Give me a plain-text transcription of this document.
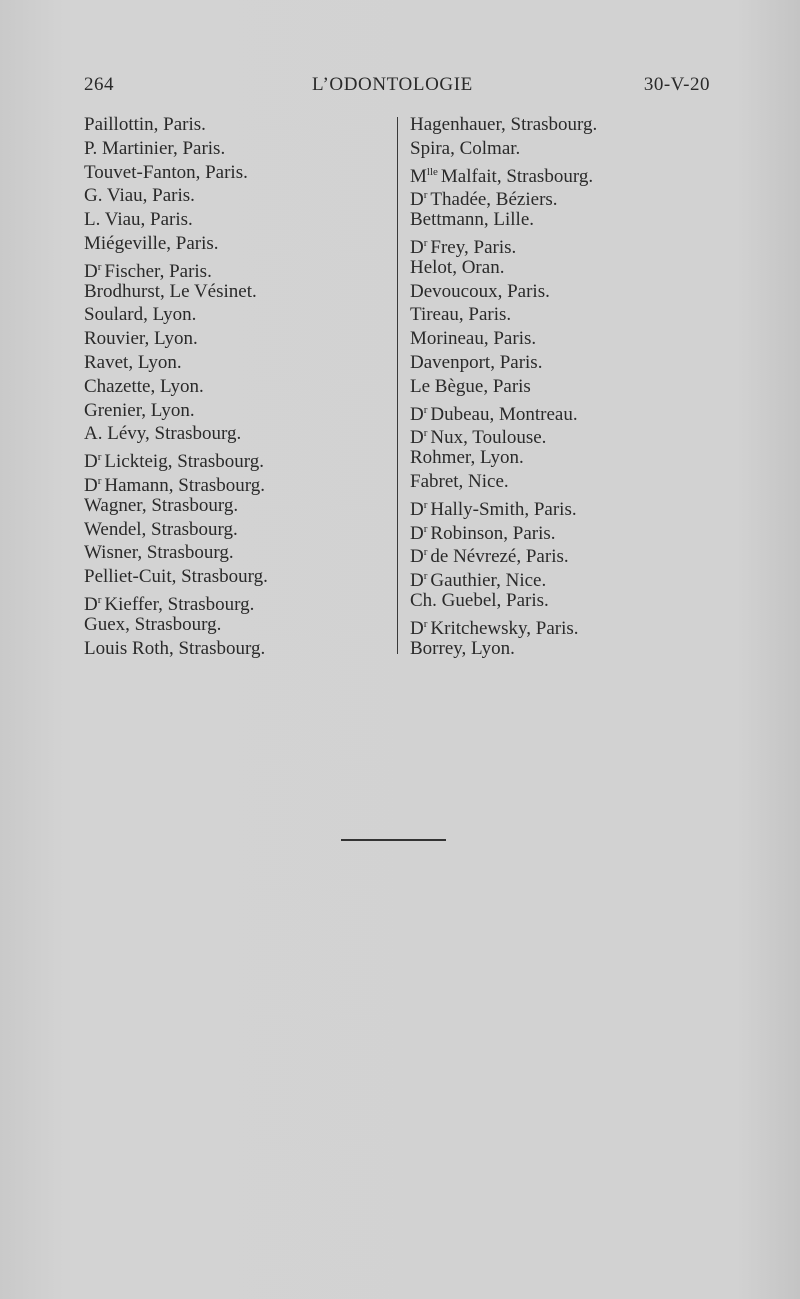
264	L’ODONTOLOGIE	30-V-20
Paillottin, Paris.
P. Martinier, Paris.
Touvet-Fanton, Paris.
G. Viau, Paris.
L. Viau, Paris.
Miégeville, Paris.
$D^r$ Fischer, Paris.
Brodhurst, Le Vésinet.
Soulard, Lyon.
Rouvier, Lyon.
Ravet, Lyon.
Chazette, Lyon.
Grenier, Lyon.
A. Lévy, Strasbourg.
$D^r$ Lickteig, Strasbourg.
$D^r$ Hamann, Strasbourg.
Wagner, Strasbourg.
Wendel, Strasbourg.
Wisner, Strasbourg.
Pelliet-Cuit, Strasbourg.
$D^r$ Kieffer, Strasbourg.
Guex, Strasbourg.
Louis Roth, Strasbourg.
Hagenhauer, Strasbourg.
Spira, Colmar.
$M^{lle}$ Malfait, Strasbourg.
$D^r$ Thadée, Béziers.
Bettmann, Lille.
$D^r$ Frey, Paris.
Helot, Oran.
Devoucoux, Paris.
Tireau, Paris.
Morineau, Paris.
Davenport, Paris.
Le Bègue, Paris
$D^r$ Dubeau, Montreau.
$D^r$ Nux, Toulouse.
Rohmer, Lyon.
Fabret, Nice.
$D^r$ Hally-Smith, Paris.
$D^r$ Robinson, Paris.
$D^r$ de Névrezé, Paris.
$D^r$ Gauthier, Nice.
Ch. Guebel, Paris.
$D^r$ Kritchewsky, Paris.
Borrey, Lyon.
